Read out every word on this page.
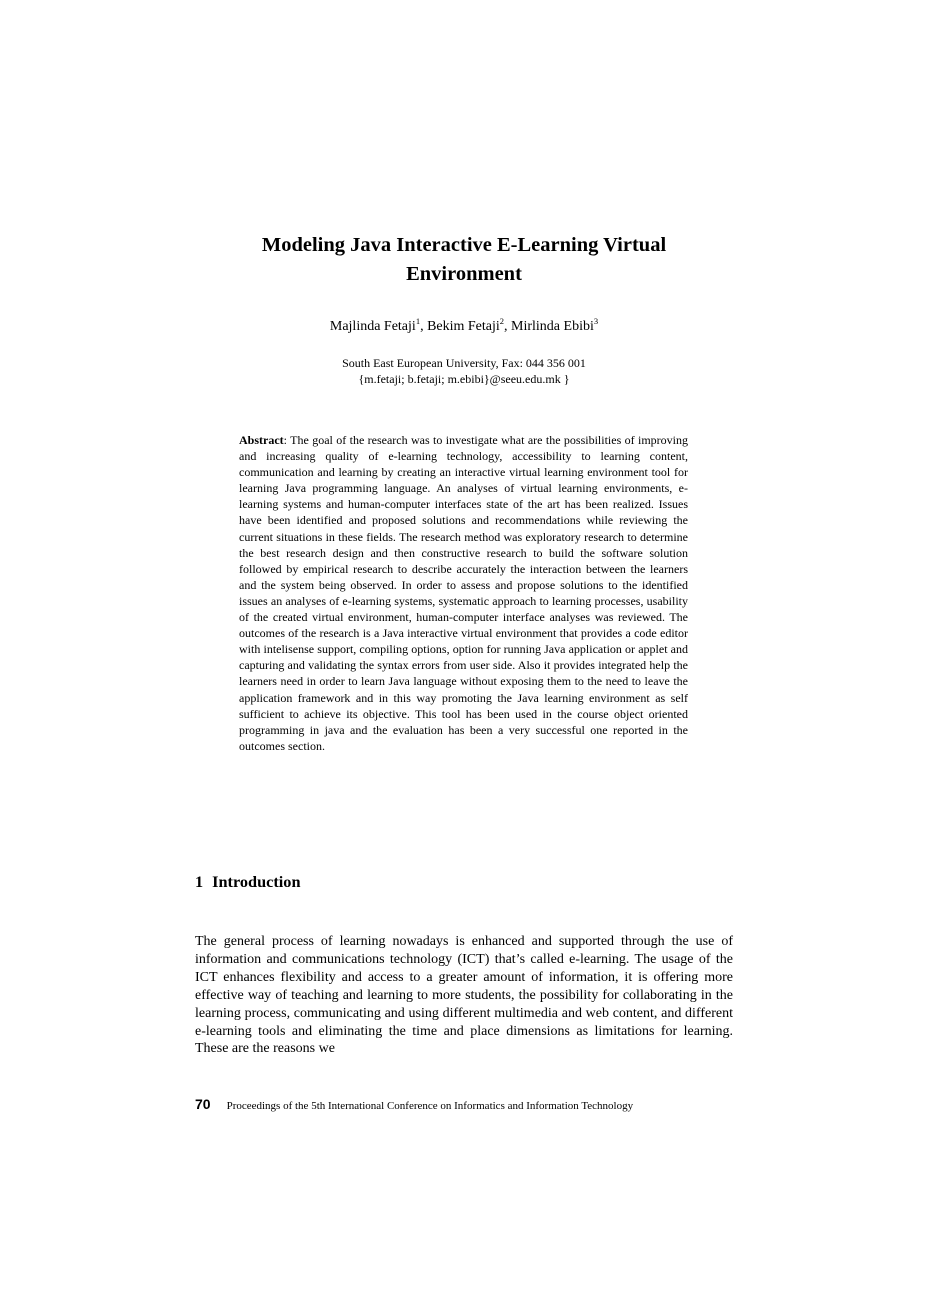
Modeling Java Interactive E-Learning Virtual
Environment
Majlinda Fetaji$^1$, Bekim Fetaji$^2$, Mirlinda Ebibi$^3$
South East European University, Fax: 044 356 001
{m.fetaji; b.fetaji; m.ebibi}@seeu.edu.mk }
Abstract: The goal of the research was to investigate what are the possibilities of improving and increasing quality of e-learning technology, accessibility to learning content, communication and learning by creating an interactive virtual learning environment tool for learning Java programming language. An analyses of virtual learning environments, e-learning systems and human-computer interfaces state of the art has been realized. Issues have been identified and proposed solutions and recommendations while reviewing the current situations in these fields. The research method was exploratory research to determine the best research design and then constructive research to build the software solution followed by empirical research to describe accurately the interaction between the learners and the system being observed. In order to assess and propose solutions to the identified issues an analyses of e-learning systems, systematic approach to learning processes, usability of the created virtual environment, human-computer interface analyses was reviewed. The outcomes of the research is a Java interactive virtual environment that provides a code editor with intelisense support, compiling options, option for running Java application or applet and capturing and validating the syntax errors from user side. Also it provides integrated help the learners need in order to learn Java language without exposing them to the need to leave the application framework and in this way promoting the Java learning environment as self sufficient to achieve its objective. This tool has been used in the course object oriented programming in java and the evaluation has been a very successful one reported in the outcomes section.
1 Introduction
The general process of learning nowadays is enhanced and supported through the use of information and communications technology (ICT) that’s called e-learning. The usage of the ICT enhances flexibility and access to a greater amount of information, it is offering more effective way of teaching and learning to more students, the possibility for collaborating in the learning process, communicating and using different multimedia and web content, and different e-learning tools and eliminating the time and place dimensions as limitations for learning. These are the reasons we
70 Proceedings of the 5th International Conference on Informatics and Information Technology
